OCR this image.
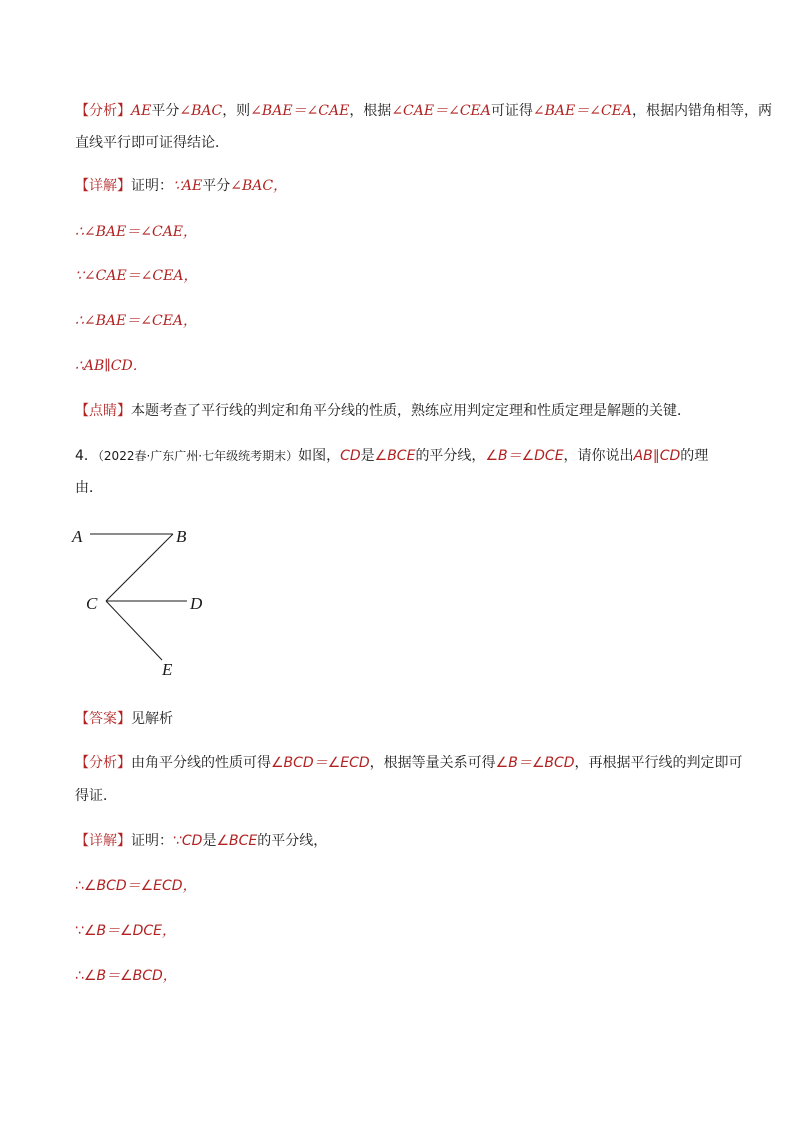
【分析】AE平分∠BAC，则∠BAE＝∠CAE，根据∠CAE＝∠CEA可证得∠BAE＝∠CEA，根据内错角相等，两
直线平行即可证得结论．
【详解】证明：∵AE平分∠BAC，
∴∠BAE＝∠CAE，
∵∠CAE＝∠CEA，
∴∠BAE＝∠CEA，
∴AB∥CD．
【点睛】本题考查了平行线的判定和角平分线的性质，熟练应用判定定理和性质定理是解题的关键．
4．（2022春·广东广州·七年级统考期末）如图，CD是∠BCE的平分线，∠B＝∠DCE，请你说出AB∥CD的理
由．
A	B
C	D
E
【答案】见解析
【分析】由角平分线的性质可得∠BCD＝∠ECD，根据等量关系可得∠B＝∠BCD，再根据平行线的判定即可
得证．
【详解】证明：∵CD是∠BCE的平分线，
∴∠BCD＝∠ECD，
∵∠B＝∠DCE，
∴∠B＝∠BCD，
